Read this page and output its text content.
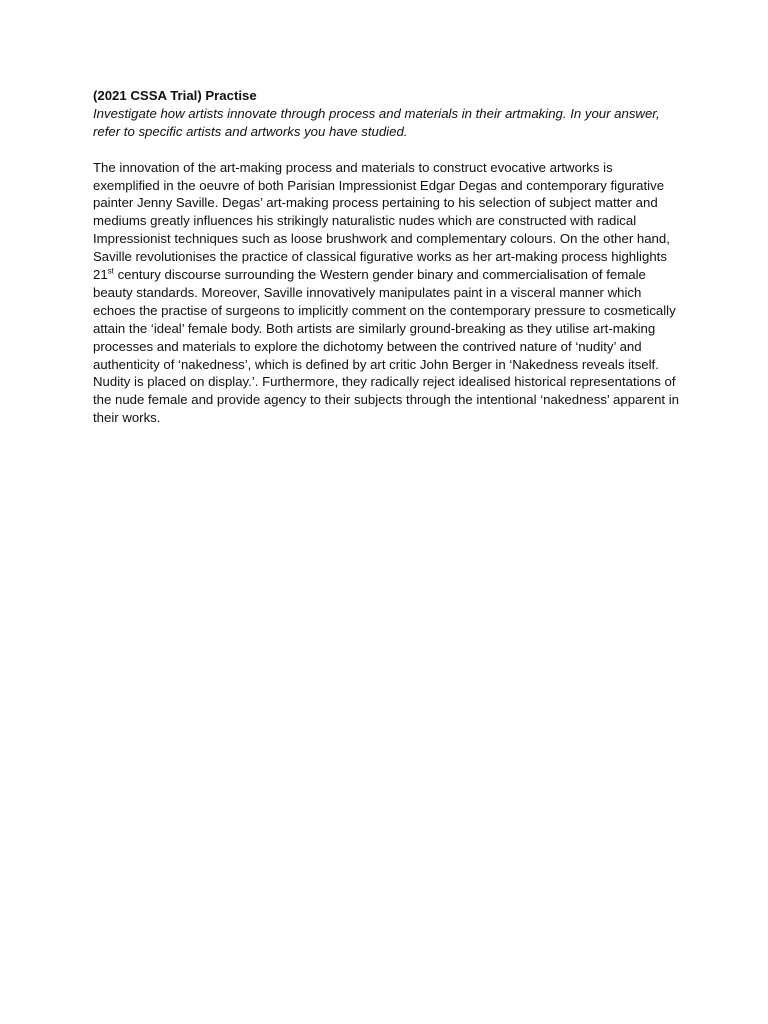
(2021 CSSA Trial) Practise

Investigate how artists innovate through process and materials in their artmaking. In your answer, refer to specific artists and artworks you have studied.

The innovation of the art-making process and materials to construct evocative artworks is exemplified in the oeuvre of both Parisian Impressionist Edgar Degas and contemporary figurative painter Jenny Saville. Degas’ art-making process pertaining to his selection of subject matter and mediums greatly influences his strikingly naturalistic nudes which are constructed with radical Impressionist techniques such as loose brushwork and complementary colours. On the other hand, Saville revolutionises the practice of classical figurative works as her art-making process highlights 21st century discourse surrounding the Western gender binary and commercialisation of female beauty standards. Moreover, Saville innovatively manipulates paint in a visceral manner which echoes the practise of surgeons to implicitly comment on the contemporary pressure to cosmetically attain the ‘ideal’ female body. Both artists are similarly ground-breaking as they utilise art-making processes and materials to explore the dichotomy between the contrived nature of ‘nudity’ and authenticity of ‘nakedness’, which is defined by art critic John Berger in ‘Nakedness reveals itself. Nudity is placed on display.’. Furthermore, they radically reject idealised historical representations of the nude female and provide agency to their subjects through the intentional ‘nakedness’ apparent in their works.
